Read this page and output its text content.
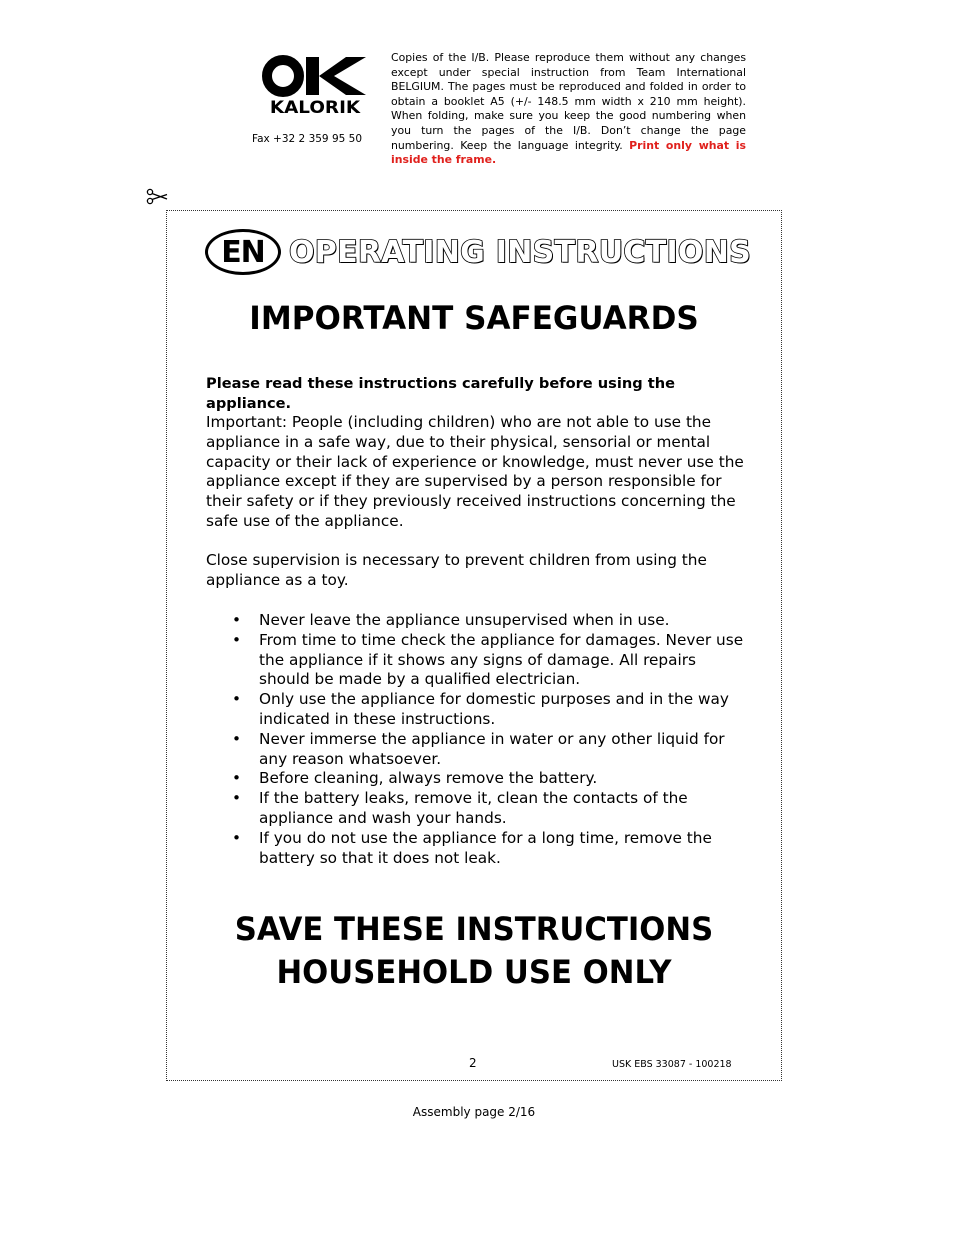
KALORIK
Fax +32 2 359 95 50
Copies of the I/B. Please reproduce them without any changes except under special instruction from Team International BELGIUM. The pages must be reproduced and folded in order to obtain a booklet A5 (+/- 148.5 mm width x 210 mm height). When folding, make sure you keep the good numbering when you turn the pages of the I/B. Don’t change the page numbering. Keep the language integrity. Print only what is inside the frame.
EN OPERATING INSTRUCTIONS
IMPORTANT SAFEGUARDS

Please read these instructions carefully before using the appliance.

Important: People (including children) who are not able to use the appliance in a safe way, due to their physical, sensorial or mental capacity or their lack of experience or knowledge, must never use the appliance except if they are supervised by a person responsible for their safety or if they previously received instructions concerning the safe use of the appliance.

Close supervision is necessary to prevent children from using the appliance as a toy.

• Never leave the appliance unsupervised when in use.
• From time to time check the appliance for damages. Never use the appliance if it shows any signs of damage. All repairs should be made by a qualified electrician.
• Only use the appliance for domestic purposes and in the way indicated in these instructions.
• Never immerse the appliance in water or any other liquid for any reason whatsoever.
• Before cleaning, always remove the battery.
• If the battery leaks, remove it, clean the contacts of the appliance and wash your hands.
• If you do not use the appliance for a long time, remove the battery so that it does not leak.
SAVE THESE INSTRUCTIONS
HOUSEHOLD USE ONLY
2	USK EBS 33087 - 100218
Assembly page 2/16
